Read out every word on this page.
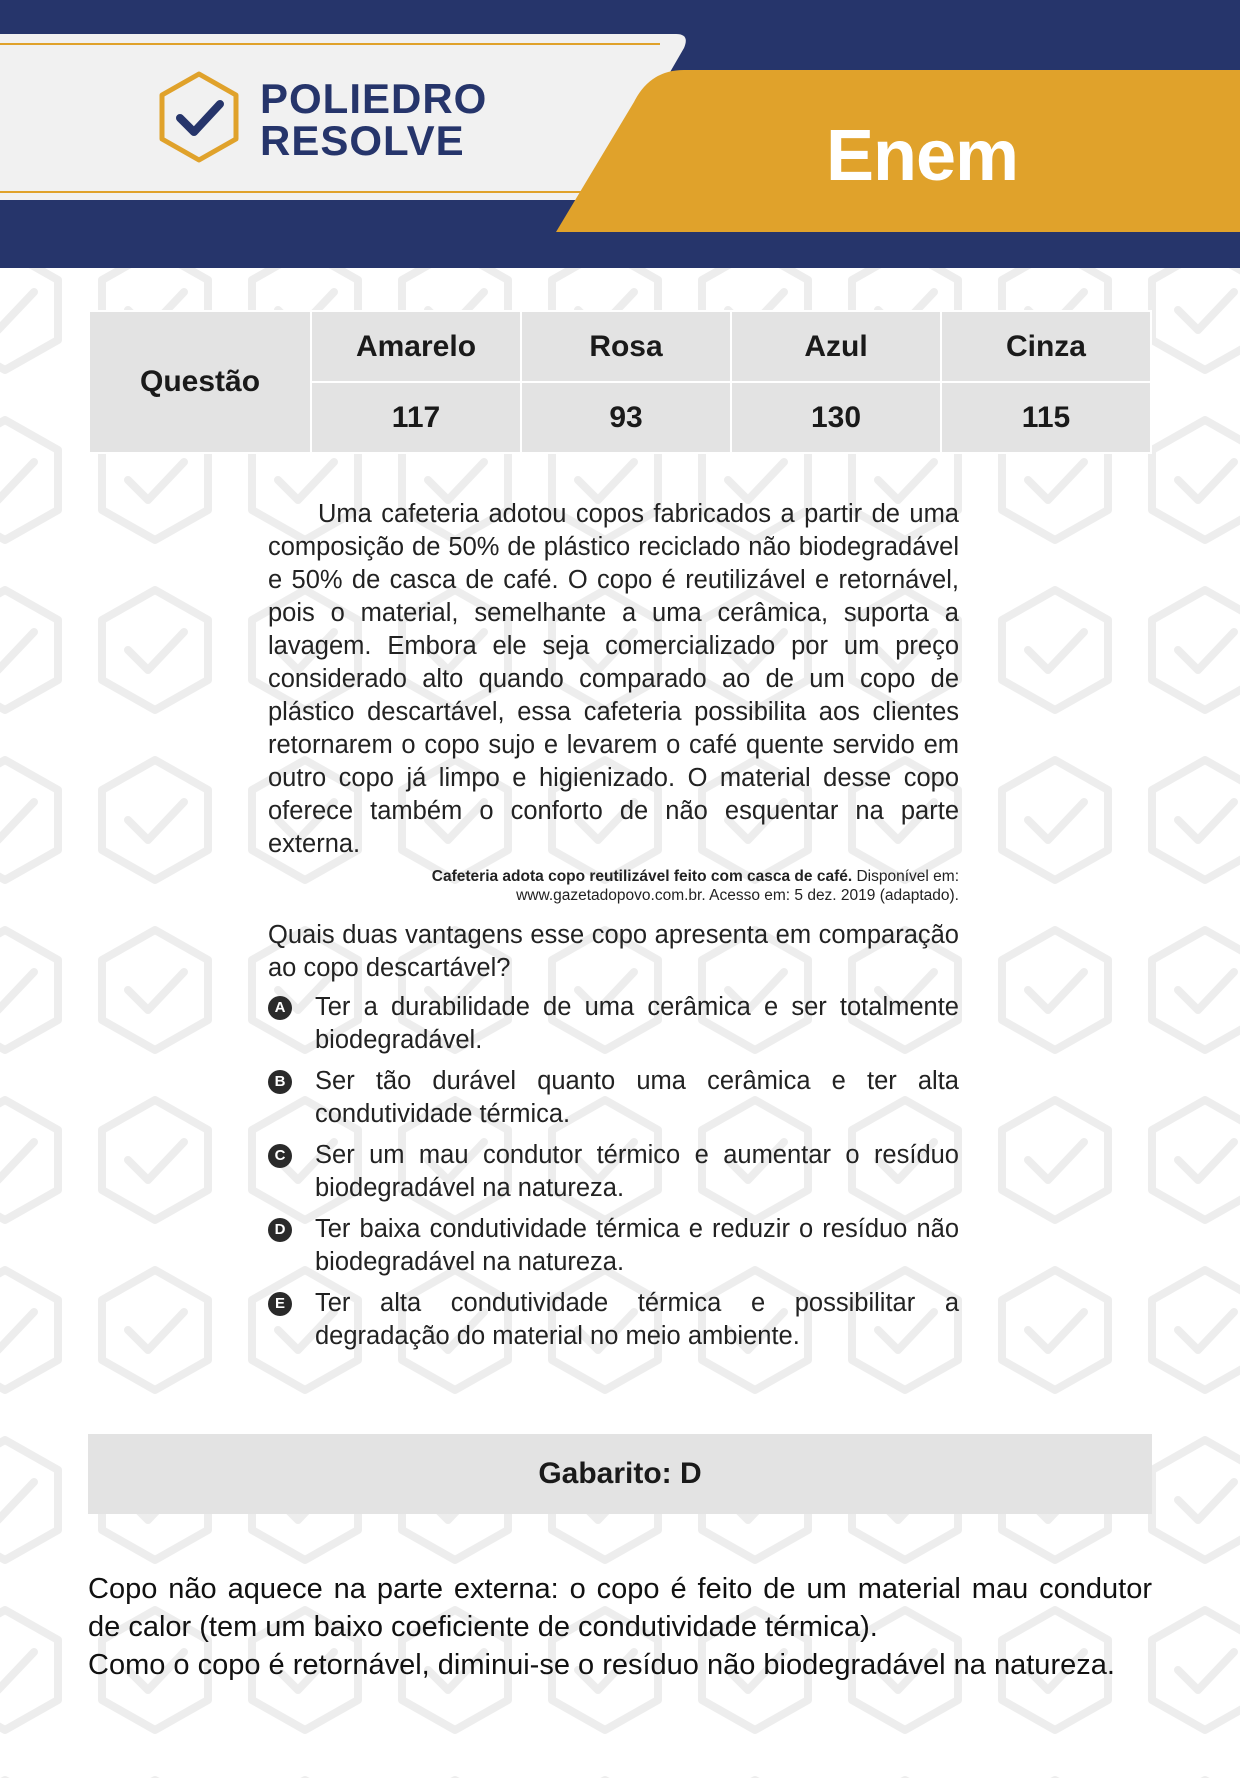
POLIEDRO
RESOLVE	Enem
Questão	Amarelo	Rosa	Azul	Cinza
	117	93	130	115

Uma cafeteria adotou copos fabricados a partir de uma composição de 50% de plástico reciclado não biodegradável e 50% de casca de café. O copo é reutilizável e retornável, pois o material, semelhante a uma cerâmica, suporta a lavagem. Embora ele seja comercializado por um preço considerado alto quando comparado ao de um copo de plástico descartável, essa cafeteria possibilita aos clientes retornarem o copo sujo e levarem o café quente servido em outro copo já limpo e higienizado. O material desse copo oferece também o conforto de não esquentar na parte externa.

Cafeteria adota copo reutilizável feito com casca de café. Disponível em: www.gazetadopovo.com.br. Acesso em: 5 dez. 2019 (adaptado).

Quais duas vantagens esse copo apresenta em comparação ao copo descartável?

A Ter a durabilidade de uma cerâmica e ser totalmente biodegradável.
B Ser tão durável quanto uma cerâmica e ter alta condutividade térmica.
C Ser um mau condutor térmico e aumentar o resíduo biodegradável na natureza.
D Ter baixa condutividade térmica e reduzir o resíduo não biodegradável na natureza.
E Ter alta condutividade térmica e possibilitar a degradação do material no meio ambiente.
Gabarito: D

Copo não aquece na parte externa: o copo é feito de um material mau condutor de calor (tem um baixo coeficiente de condutividade térmica).

Como o copo é retornável, diminui-se o resíduo não biodegradável na natureza.
